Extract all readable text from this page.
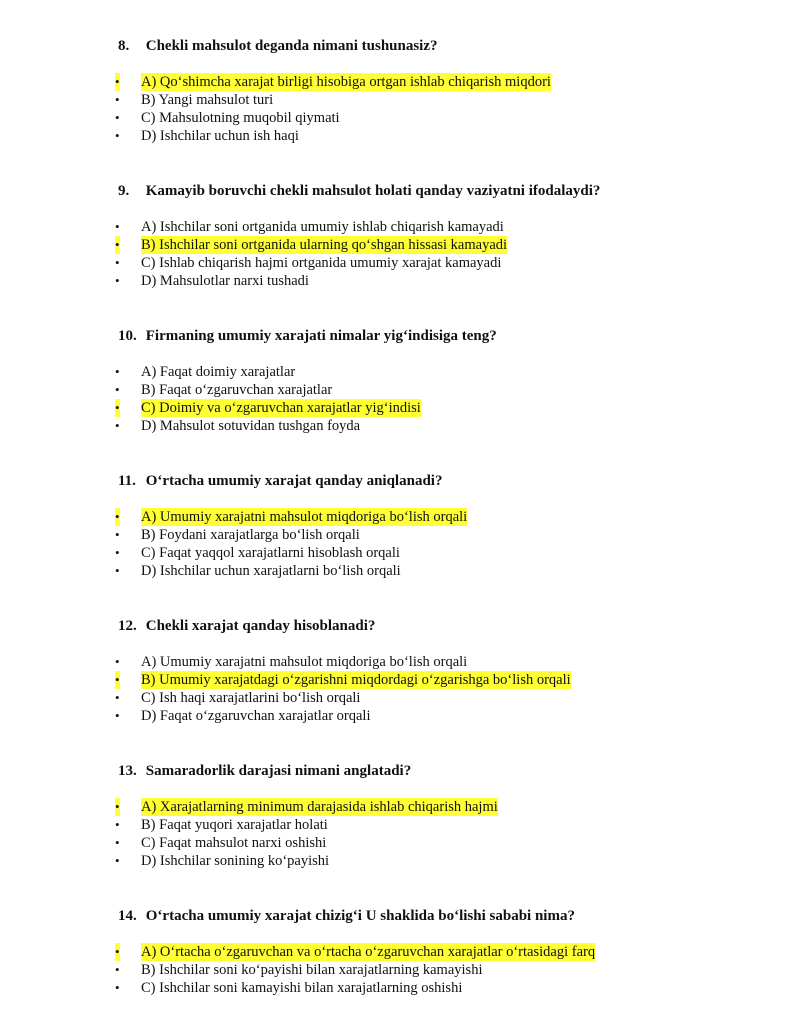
8. Chekli mahsulot deganda nimani tushunasiz?

• A) Qo‘shimcha xarajat birligi hisobiga ortgan ishlab chiqarish miqdori
• B) Yangi mahsulot turi
• C) Mahsulotning muqobil qiymati
• D) Ishchilar uchun ish haqi

9. Kamayib boruvchi chekli mahsulot holati qanday vaziyatni ifodalaydi?

• A) Ishchilar soni ortganida umumiy ishlab chiqarish kamayadi
• B) Ishchilar soni ortganida ularning qo‘shgan hissasi kamayadi
• C) Ishlab chiqarish hajmi ortganida umumiy xarajat kamayadi
• D) Mahsulotlar narxi tushadi

10. Firmaning umumiy xarajati nimalar yig‘indisiga teng?

• A) Faqat doimiy xarajatlar
• B) Faqat o‘zgaruvchan xarajatlar
• C) Doimiy va o‘zgaruvchan xarajatlar yig‘indisi
• D) Mahsulot sotuvidan tushgan foyda

11. O‘rtacha umumiy xarajat qanday aniqlanadi?

• A) Umumiy xarajatni mahsulot miqdoriga bo‘lish orqali
• B) Foydani xarajatlarga bo‘lish orqali
• C) Faqat yaqqol xarajatlarni hisoblash orqali
• D) Ishchilar uchun xarajatlarni bo‘lish orqali

12. Chekli xarajat qanday hisoblanadi?

• A) Umumiy xarajatni mahsulot miqdoriga bo‘lish orqali
• B) Umumiy xarajatdagi o‘zgarishni miqdordagi o‘zgarishga bo‘lish orqali
• C) Ish haqi xarajatlarini bo‘lish orqali
• D) Faqat o‘zgaruvchan xarajatlar orqali

13. Samaradorlik darajasi nimani anglatadi?

• A) Xarajatlarning minimum darajasida ishlab chiqarish hajmi
• B) Faqat yuqori xarajatlar holati
• C) Faqat mahsulot narxi oshishi
• D) Ishchilar sonining ko‘payishi

14. O‘rtacha umumiy xarajat chizig‘i U shaklida bo‘lishi sababi nima?

• A) O‘rtacha o‘zgaruvchan va o‘rtacha o‘zgaruvchan xarajatlar o‘rtasidagi farq
• B) Ishchilar soni ko‘payishi bilan xarajatlarning kamayishi
• C) Ishchilar soni kamayishi bilan xarajatlarning oshishi
